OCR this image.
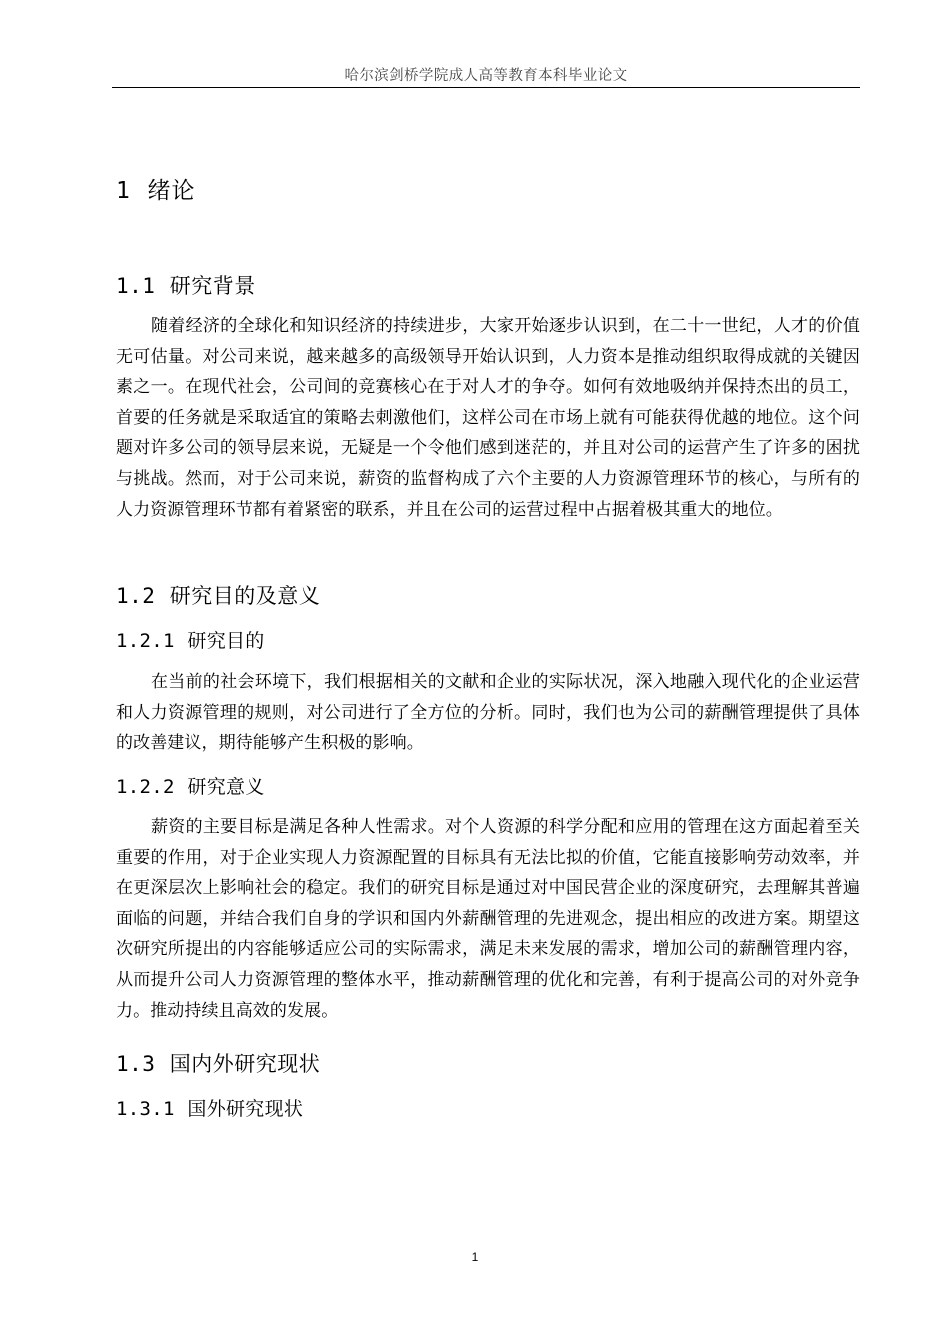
哈尔滨剑桥学院成人高等教育本科毕业论文
1 绪论
1.1 研究背景

随着经济的全球化和知识经济的持续进步，大家开始逐步认识到，在二十一世纪，人才的价值无可估量。对公司来说，越来越多的高级领导开始认识到，人力资本是推动组织取得成就的关键因素之一。在现代社会，公司间的竞赛核心在于对人才的争夺。如何有效地吸纳并保持杰出的员工，首要的任务就是采取适宜的策略去刺激他们，这样公司在市场上就有可能获得优越的地位。这个问题对许多公司的领导层来说，无疑是一个令他们感到迷茫的，并且对公司的运营产生了许多的困扰与挑战。然而，对于公司来说，薪资的监督构成了六个主要的人力资源管理环节的核心，与所有的人力资源管理环节都有着紧密的联系，并且在公司的运营过程中占据着极其重大的地位。

1.2 研究目的及意义
1.2.1 研究目的

在当前的社会环境下，我们根据相关的文献和企业的实际状况，深入地融入现代化的企业运营和人力资源管理的规则，对公司进行了全方位的分析。同时，我们也为公司的薪酬管理提供了具体的改善建议，期待能够产生积极的影响。

1.2.2 研究意义

薪资的主要目标是满足各种人性需求。对个人资源的科学分配和应用的管理在这方面起着至关重要的作用，对于企业实现人力资源配置的目标具有无法比拟的价值，它能直接影响劳动效率，并在更深层次上影响社会的稳定。我们的研究目标是通过对中国民营企业的深度研究，去理解其普遍面临的问题，并结合我们自身的学识和国内外薪酬管理的先进观念，提出相应的改进方案。期望这次研究所提出的内容能够适应公司的实际需求，满足未来发展的需求，增加公司的薪酬管理内容，从而提升公司人力资源管理的整体水平，推动薪酬管理的优化和完善，有利于提高公司的对外竞争力。推动持续且高效的发展。

1.3 国内外研究现状
1.3.1 国外研究现状
1
